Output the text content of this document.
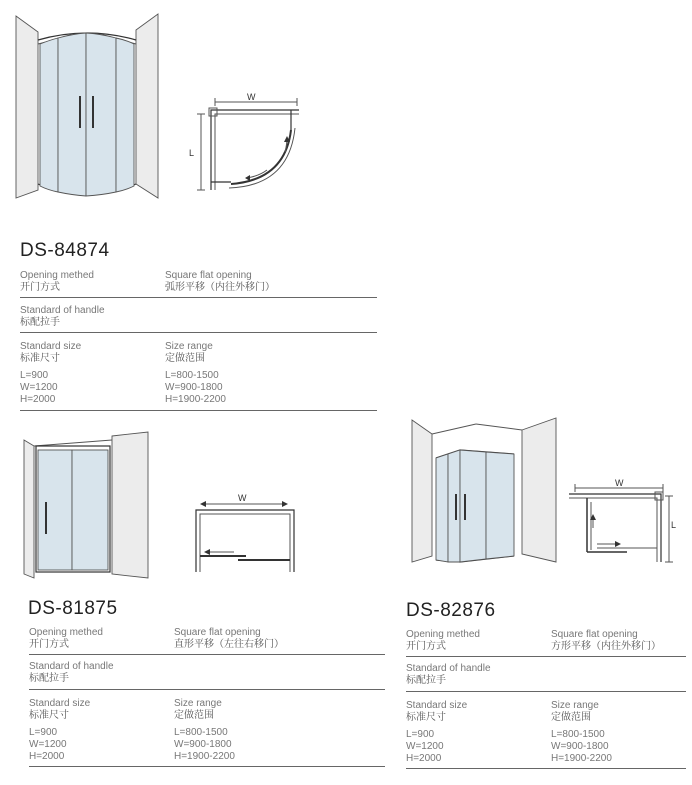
W
L
DS-84874
Opening methed
开门方式
Square flat opening
弧形平移（内往外移门）
Standard of handle
标配拉手
Standard size
标准尺寸
Size range
定做范围
L=900
W=1200
H=2000
L=800-1500
W=900-1800
H=1900-2200
W
DS-81875
Opening methed
开门方式
Square flat opening
直形平移（左往右移门）
Standard of handle
标配拉手
Standard size
标准尺寸
Size range
定做范围
L=900
W=1200
H=2000
L=800-1500
W=900-1800
H=1900-2200
W
L
DS-82876
Opening methed
开门方式
Square flat opening
方形平移（内往外移门）
Standard of handle
标配拉手
Standard size
标准尺寸
Size range
定做范围
L=900
W=1200
H=2000
L=800-1500
W=900-1800
H=1900-2200
